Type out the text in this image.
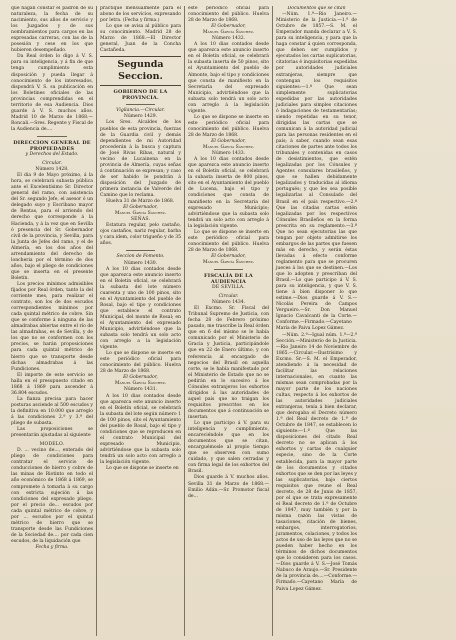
que hagan constar el padrón de su naturaleza, la fecha de su nacimiento, sus años de servicio y los Juzgados y de sus nombramientos para cargos en las expresadas carreras, con las de la posesión y cese en los que hubieren desempeñado.

Da Real órden lo digo á V. S. para su inteligencia, y á fin de que tenga cumplimiento esta disposición y pueda llegar á conocimiento de los interesados, dispondrá V. S. su publicación en los Boletines oficiales de las provincias comprendidas en el territorio de esa Audiencia. Dios guarde á V. S. muchos años. Madrid 10 de Marzo de 1868.— Roncali.—Sres. Regente y Fiscal de la Audiencia de....

DIRECCION GENERAL DE PROPIEDADES
y Derechos del Estado.
Circular.
Número 1428.

El dia 9 de Mayo próximo, á la hora, se celebrará subasta pública ante el Excelentísimo Sr. Director general del ramo, con asistencia del Sr. segundo Jefe, el asesor ó un delegado suyo y Escribano mayor de Rentas, para el arriendo del derecho que corresponde á la Hacienda, y á la vez que en Sevilla ó presencia del Sr. Gobernador civil de la provincia, y Sevilla, para la Junta de Jefes del ramo, y el de Almería, en los dos años del arrendamiento del derecho de loncheria por el término de dos años, bajo el pliego de condiciones que se inserta en el presente Boletín.

Los precios mínimos admisibles fijados por Real órden, tanto la del corriente mes, para realizar el contrato, son los de dos escudos correspondientes mínimos por cada quintal métrico de cobre. Sin que se conforme á ninguna de las almadrabas abiertas entre el río de las almadrabas, es de Sevilla, y de los que no se conformen con los precios, se harán proposiciones para cada quintal métrico de hierro que se transporte desde dichas almadrabas á las Fundiciones.

El importe de este servicio se halla en el presupuesto citado en 1868 á 1869 para ascender á 36.804 escudos.

La fianza precisa para hacer posturas asciende al 500 escudos y la definitiva en 10.000 que arreglo á las condiciones 2.ª y 3.ª del pliego de subasta.

Las proposiciones se presentarán ajustadas al siguiente

MODELO.

D. ... vecino de..., enterado del pliego de condiciones para contratar el servicio de conducciones de hierro y cobre de las minas de Riotinto en todo el año económico de 1868 á 1869, se compromete á tomarla á su cargo con estricta sujeción á las condiciones del expresado pliego, por el precio de... escudos por cada quintal métrico de cobre, y por ... escudos por el quintal métrico de hierro que se transporte desde las Fundiciones de la Sociedad de.... por cada cien escudos, de la liquidación que

Fecha y firma.

practique mensualmente para el abono de los servicios, expresando por letra. (Fecha y firma.)

Lo que se avisa al público para su conocimiento. Madrid 28 de Marzo de 1868.—El Director general, Juan de la Concha Castañeda.

Segunda Seccion.
GOBIERNO DE LA PROVINCIA.
Vigilancia.—Circular.
Número 1429.

Los Sres. Alcaldes de los pueblos de esta provincia, fuerzas de la Guardia civil y demás dependientes de mi Autoridad procederán á la busca y captura de José Rivas Ribas, natural y vecino de Lucainena en la provincia de Almería, cuyas señas á continuación se expresan; y caso de ser habido le pondrán á disposición del Juzgado de primera instancia de Valverde del Camino que lo reclama.

Huelva 31 de Marzo de 1868.

El Gobernador,
Manuel García Sánchez.
SEÑAS.

Estatura regular, pelo castaño, ojos castaños, nariz regular, barba y cara idem, color trigueño y de 35 años.

Seccion de Fomento.
Número 1430.

A los 10 dias contados desde que aparezca este anuncio inserto en el Boletín oficial, se celebrará la subasta del lote número cuarenta y uno de 100 pinos, sito en el Ayuntamiento del pueblo de Rosal, bajo el tipo y condiciones que establece el contrato Municipal, del monte de Rosal; en el Ayuntamiento del expresado Municipio, advirtiéndose que la subasta solo tendrá un solo acto con arreglo a la legislación vigente.

Lo que se dispone se inserte en este periódico oficial para conocimiento del público. Huelva 28 de Marzo de 1868.

El Gobernador,
Manuel García Sánchez.
Número 1431.

A los 10 dias contados desde que aparezca este anuncio inserto en el Boletín oficial, se celebrará la subasta del lote según número 1 de 100 pinos, sito el Ayuntamiento del pueblo de Rosal, bajo el tipo y condiciones que se reproducen en el contrato Municipal del expresado Municipio, advirtiéndose que la subasta solo tendrá un solo acto con arreglo a la legislación vigente.

Lo que se dispone se inserte en

este periódico oficial para conocimiento del público. Huelva 28 de Marzo de 1868.

El Gobernador,
Manuel García Sánchez.
Número 1432.

A los 10 dias contados desde que aparezca este anuncio inserto en el Boletín oficial, se celebrará la subasta inserta de 50 pinos, sito el Ayuntamiento del pueblo de Almonte, bajo el tipo y condiciones que consta de manifiesto en la Secretaría del expresado Municipio, advirtiéndose que la subasta solo tendrá un solo acto con arreglo á la legislación vigente.

Lo que se dispone se inserte en este periódico oficial para conocimiento del público. Huelva 28 de Marzo de 1868.

El Gobernador,
Manuel García Sánchez.
Número 1433.

A los 10 dias contados desde que aparezca este anuncio inserto en el Boletín oficial, se celebrará la subasta inserta de 800 pinos, sito en el Ayuntamiento del pueblo de Lucena, bajo el tipo y condiciones que consta de manifiesto en la Secretaría del expresado Municipio; advirtiéndose que la subasta solo tendrá un solo acto con arreglo á la legislación vigente.

Lo que se dispone se inserte en este periódico oficial para conocimiento del público. Huelva 28 de Marzo de 1868.

El Gobernador,
Manuel García Sánchez.
FISCALÍA DE LA AUDIENCIA
DE SEVILLA.
Circular.
Número 1434.

El Excmo. Sr. Fiscal del Tribunal Supremo de Justicia, con fecha 28 de Febrero próximo pasado, me trascribe la Real órden que en 6 del mismo se le había comunicado por el Ministerio de Gracia y Justicia, participándole que en 22 de Enero último, y con referencia al encargado de negocios del Brasil en aquella corte, se le había manifestado por el Ministerio de Estado que no se pedirán en lo sucesivo á los Cónsules extranjeros los exhortos dirigidos á las autoridades de aquel país que no traigan los requisitos prescritos en los documentos que á continuación se insertan.

Lo que participo á V. para su inteligencia y cumplimiento, encareciéndole que en los documentos que se citan, encarguémosle al propio tiempo que se observen con sumo cuidado, y que salen cerradas y con firma legal de los exhortos del Brasil.

Dios guarde á V. muchos años. Sevilla 31 de Marzo de 1868.—Emilio Adán.—Sr. Promotor fiscal de...

Documentos que se citan

—Núm. 1.ª—Rio Janeiro.—Ministerio de la Justicia.—1.ª de Octubre de 1857.—S. M. el Emperador manda declarar a V. S. para su inteligencia, y para que la haga constar á quien corresponda, que deben ser cumplidos y ejecutados los cartas suplicatorias, citatorias é inquisitorias expedidas por autoridades judiciales extranjeras, siempre que contengan los requisitos siguientes:—1.º Que sean simplemente suplicatorias expedidas por las autoridades judiciales para simples citaciones ó indagaciones de testamentarías; siendo repetidas en su tenor, dirigidas las cartas que se comunican á la autoridad judicial para las personas residentes en el país; á saber, cuando sean esas citaciones de partes ante todos los tribunales y contenidas en casos de desistimientos, que estén legalizadas por los Cónsules y Agentes consulares brasileños, y que se hallen debidamente legalizados y traducidas al idioma portugués; y que les sea posible legalizarlas al Consulado del Brasil en el país respectivo.—2.º Que las citadas cartas estén legalizadas por los respectivos Cónsules Brasileños en la forma prescrita en su reglamento.—3.º Que no sean ejecutorias las que tengan por objeto admitirse los embargos de las partes que fuesen más en derecho, y serán éstas llevadas á efecto conforme reglamento para que se procuren jueces á los que se destinen.—Los que lo adopten y prescriban del Brasil.—Lo que participo á V. S. para su inteligencia, y que V. S. tiene á bien disponer lo que estime.—Dios guarde á V. S.—Nicolás Pereira de Campos Vergueiro.—Sr. Don Manuel Ignacio Cavalcanti de la Corte.—Conforme.—Firmado.—Cayetano María de Paiva Lopez Gámez.

—Núm. 2.ª—Igual núm. 1.ª—2.ª Sección.—Ministerio de la Justicia.—Rio Janeiro 14 de Noviembre de 1865.—Circular.—Ilustrísimo y Excmo. Sr.—S. M. el Emperador, atendiendo á la necesidad de facilitar las relaciones internacionales, en cuanto las mismas sean comprobadas por la mayor parte de los naciones cultas, respecto á los exhortos de las autoridades judiciales extranjeras, tenía á bien declarar, que derogaba el Decreto número 1.ª del Real decreto de 1.ª de Octubre de 1847, se establecen lo siguiente:—1.º Que las disposiciones del citado Real decreto no se aplican á los exhortos y cartas de cualquier especie, sino de la Corte establecida, para la mayor parte de los documentos y citados exhortos que se den por las leyes y las suplicatorias, bajo ciertos requisitos que reune el Real decreto, de 28 de Junio de 1857, por el que se trata expresamente el Real decreto de 1.ª de Octubre de 1847, muy también y por la misma razón las vistas de tasaciones, citación de bienes, embargos, interrogatorios, juramentos, colaciones, y todos los actos de uso de las leyes que no se pueden haber hecho en los términos de dichos documentos que lo consideren para los casos.—Dios guarde á V. S.—José Tomás Nabuco de Araujo.—Sr. Presidente de la provincia de....—Conforme.—Firmado.—Cayetano María de Paiva Lopez Gámez.
